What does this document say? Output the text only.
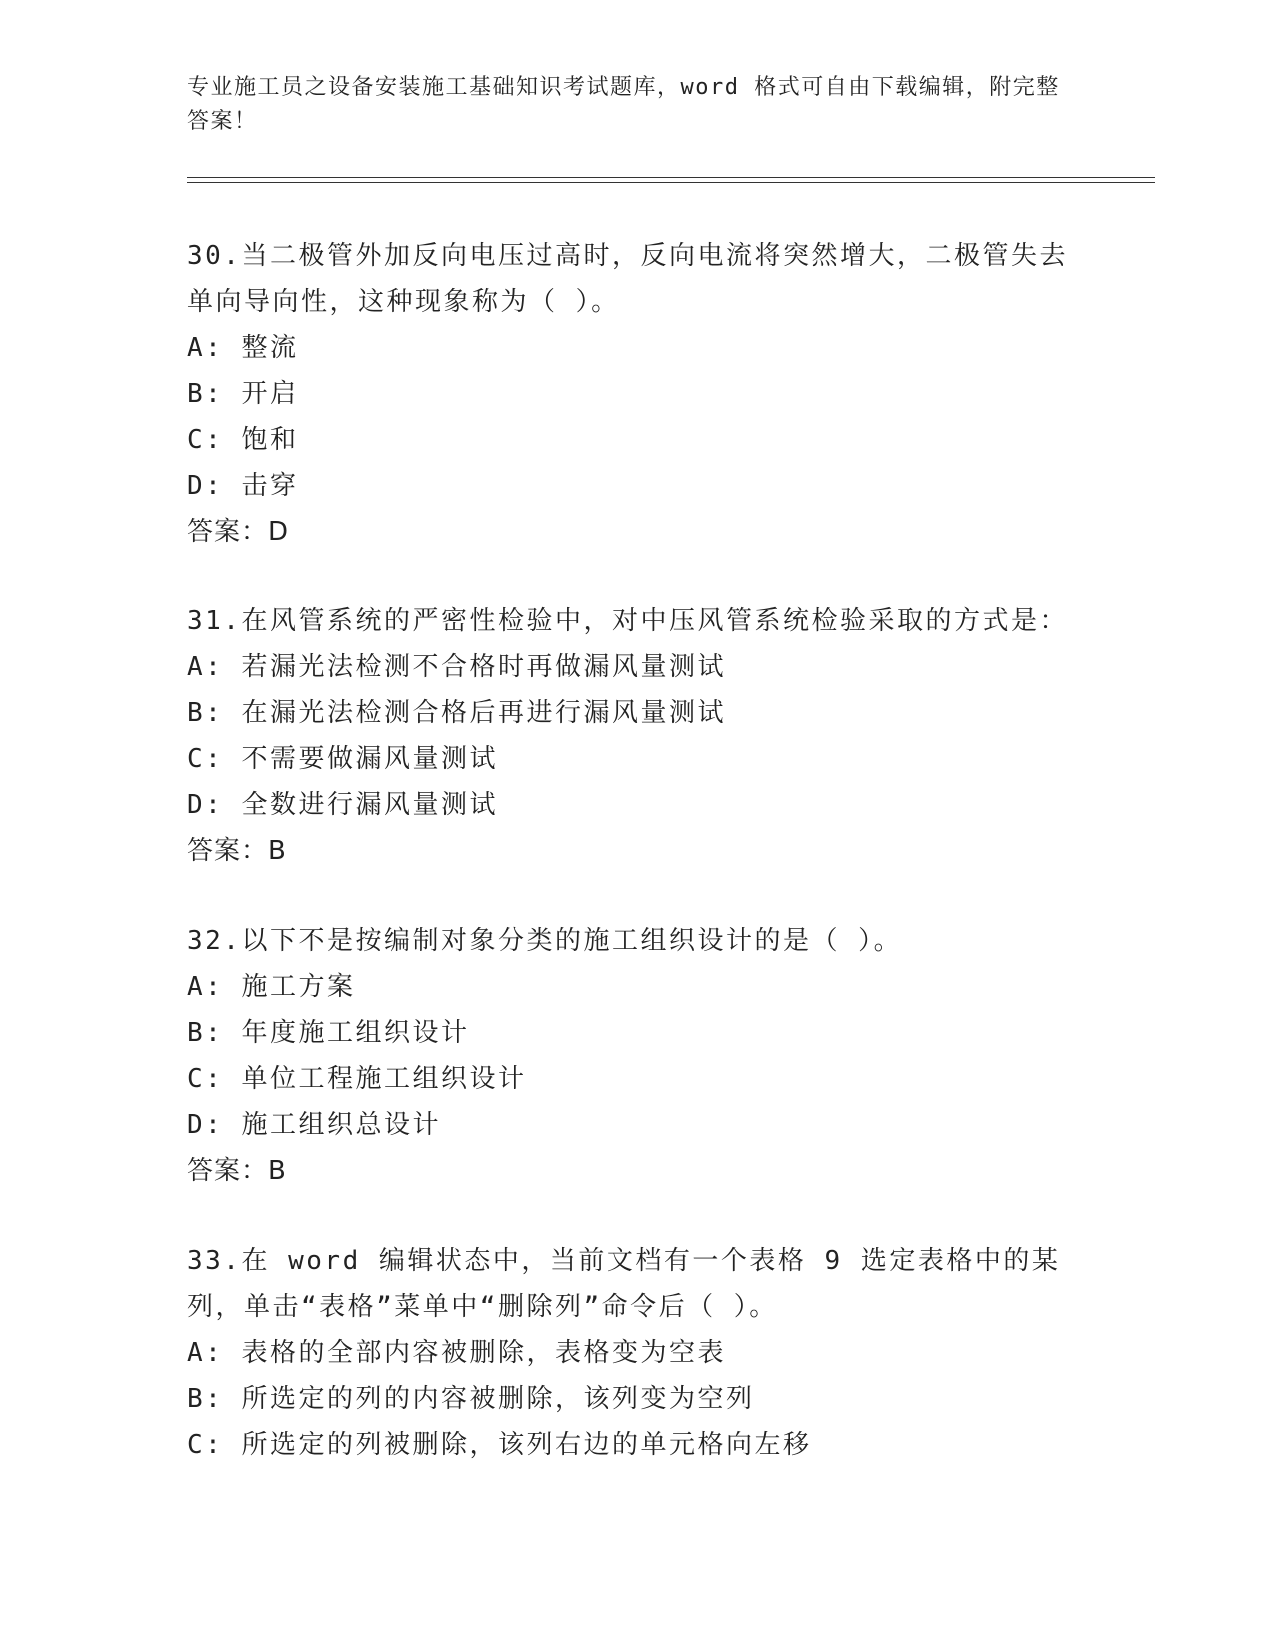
专业施工员之设备安装施工基础知识考试题库，word 格式可自由下载编辑，附完整答案！

30.当二极管外加反向电压过高时，反向电流将突然增大，二极管失去单向导向性，这种现象称为（ ）。

A: 整流

B: 开启

C: 饱和

D: 击穿

答案：D

31.在风管系统的严密性检验中，对中压风管系统检验采取的方式是：

A: 若漏光法检测不合格时再做漏风量测试

B: 在漏光法检测合格后再进行漏风量测试

C: 不需要做漏风量测试

D: 全数进行漏风量测试

答案：B

32.以下不是按编制对象分类的施工组织设计的是（ ）。

A: 施工方案

B: 年度施工组织设计

C: 单位工程施工组织设计

D: 施工组织总设计

答案：B

33.在 word 编辑状态中，当前文档有一个表格 9 选定表格中的某列，单击“表格”菜单中“删除列”命令后（ ）。

A: 表格的全部内容被删除，表格变为空表

B: 所选定的列的内容被删除，该列变为空列

C: 所选定的列被删除，该列右边的单元格向左移
